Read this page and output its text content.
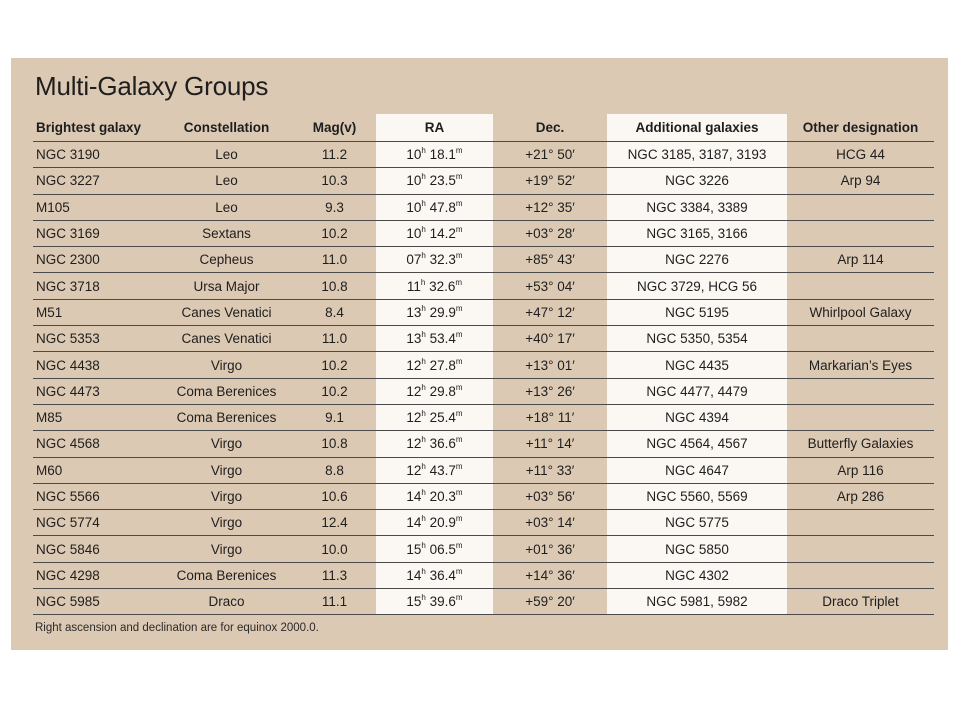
Multi-Galaxy Groups
Brightest galaxy	Constellation	Mag(v)	RA	Dec.	Additional galaxies	Other designation
NGC 3190	Leo	11.2	10$^h$ $18.1^m$	+21° 50′	NGC 3185, 3187, 3193	HCG 44
NGC 3227	Leo	10.3	10$^h$ $23.5^m$	+19° 52′	NGC 3226	Arp 94
M105	Leo	9.3	10$^h$ $47.8^m$	+12° 35′	NGC 3384, 3389	
NGC 3169	Sextans	10.2	10$^h$ $14.2^m$	+03° 28′	NGC 3165, 3166	
NGC 2300	Cepheus	11.0	07$^h$ $32.3^m$	+85° 43′	NGC 2276	Arp 114
NGC 3718	Ursa Major	10.8	11$^h$ $32.6^m$	+53° 04′	NGC 3729, HCG 56	
M51	Canes Venatici	8.4	13$^h$ $29.9^m$	+47° 12′	NGC 5195	Whirlpool Galaxy
NGC 5353	Canes Venatici	11.0	13$^h$ $53.4^m$	+40° 17′	NGC 5350, 5354	
NGC 4438	Virgo	10.2	12$^h$ $27.8^m$	+13° 01′	NGC 4435	Markarian’s Eyes
NGC 4473	Coma Berenices	10.2	12$^h$ $29.8^m$	+13° 26′	NGC 4477, 4479	
M85	Coma Berenices	9.1	12$^h$ $25.4^m$	+18° 11′	NGC 4394	
NGC 4568	Virgo	10.8	12$^h$ $36.6^m$	+11° 14′	NGC 4564, 4567	Butterfly Galaxies
M60	Virgo	8.8	12$^h$ $43.7^m$	+11° 33′	NGC 4647	Arp 116
NGC 5566	Virgo	10.6	14$^h$ $20.3^m$	+03° 56′	NGC 5560, 5569	Arp 286
NGC 5774	Virgo	12.4	14$^h$ $20.9^m$	+03° 14′	NGC 5775	
NGC 5846	Virgo	10.0	15$^h$ $06.5^m$	+01° 36′	NGC 5850	
NGC 4298	Coma Berenices	11.3	14$^h$ $36.4^m$	+14° 36′	NGC 4302	
NGC 5985	Draco	11.1	15$^h$ $39.6^m$	+59° 20′	NGC 5981, 5982	Draco Triplet
Right ascension and declination are for equinox 2000.0.
